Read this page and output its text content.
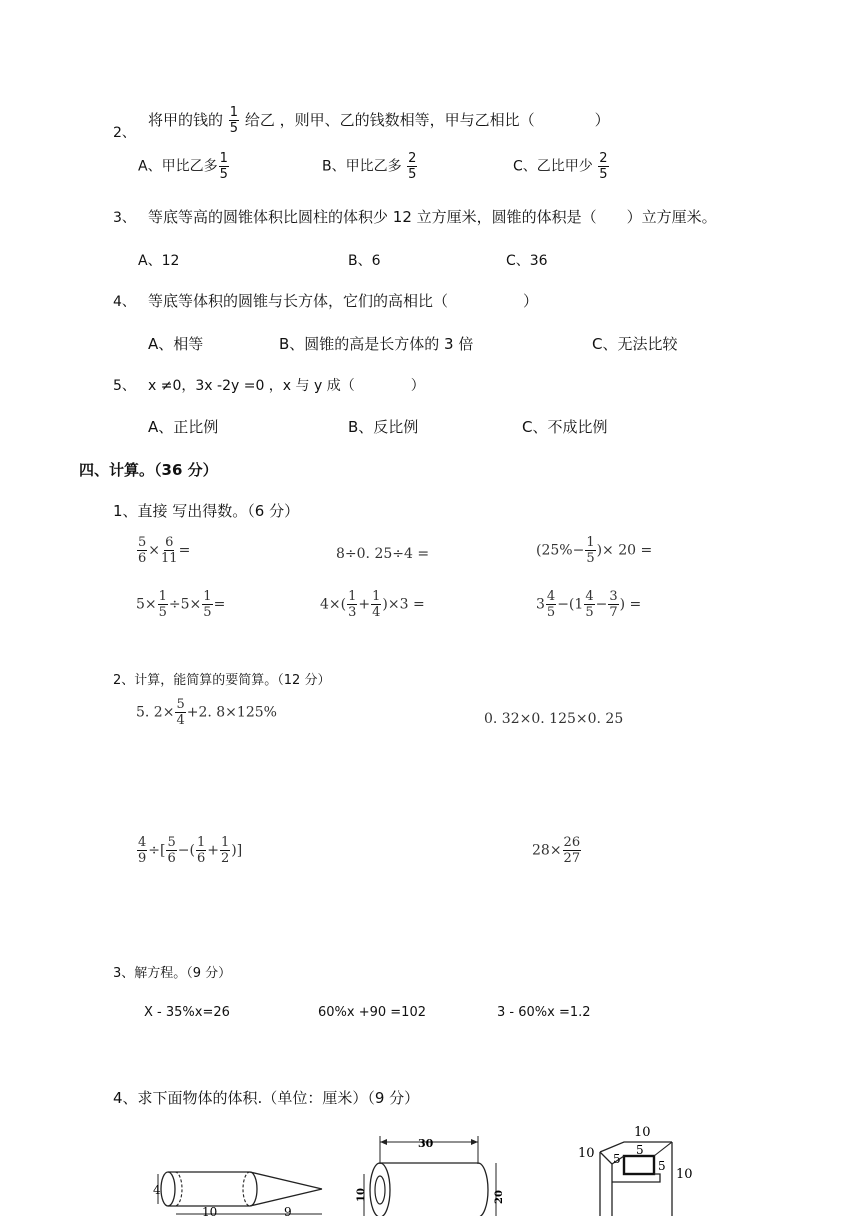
2、
将甲的钱的 $\frac{1}{5}$ 给乙 ，则甲、乙的钱数相等，甲与乙相比（　　　　）
A、甲比乙多 $\frac{1}{5}$	B、甲比乙多 $\frac{2}{5}$	C、乙比甲少 $\frac{2}{5}$
3、 等底等高的圆锥体积比圆柱的体积少 12 立方厘米，圆锥的体积是（　　）立方厘米。
A、12	B、6	C、36
4、 等底等体积的圆锥与长方体，它们的高相比（　　　　　）
A、相等	B、圆锥的高是长方体的 3 倍	C、无法比较
5、 x ≠0，3x -2y =0 ，x 与 y 成（　　　　）
A、正比例	B、反比例	C、不成比例
四、计算。（36 分）
1、直接 写出得数。（6 分）
$\frac{5}{6} \times \frac{6}{11}$ =	8÷0. 25÷4 =	($25\%- \frac{1}{5}$ )× 20 =
$5\times \frac{1}{5} \div 5\times \frac{1}{5}$ =	$4\times( \frac{1}{3} + \frac{1}{4} )\times 3$ =	$3 \frac{4}{5} -(1 \frac{4}{5} - \frac{3}{7}$ ) =
2、计算，能简算的要简算。（12 分）
5. $2\times \frac{5}{4} +2$. 8×125%	0. 32×0. 125×0. 25
$\frac{4}{9}$ ÷[ $\frac{5}{6}$ −( $\frac{1}{6} + \frac{1}{2}$ )]	$28\times \frac{26}{27}$
3、解方程。（9 分）
X - 35%x=26	60%x +90 =102	3 - 60%x =1.2
4、求下面物体的体积.（单位：厘米）（9 分）
4
10	9
30
10	20
10
10
10
5
5	5
